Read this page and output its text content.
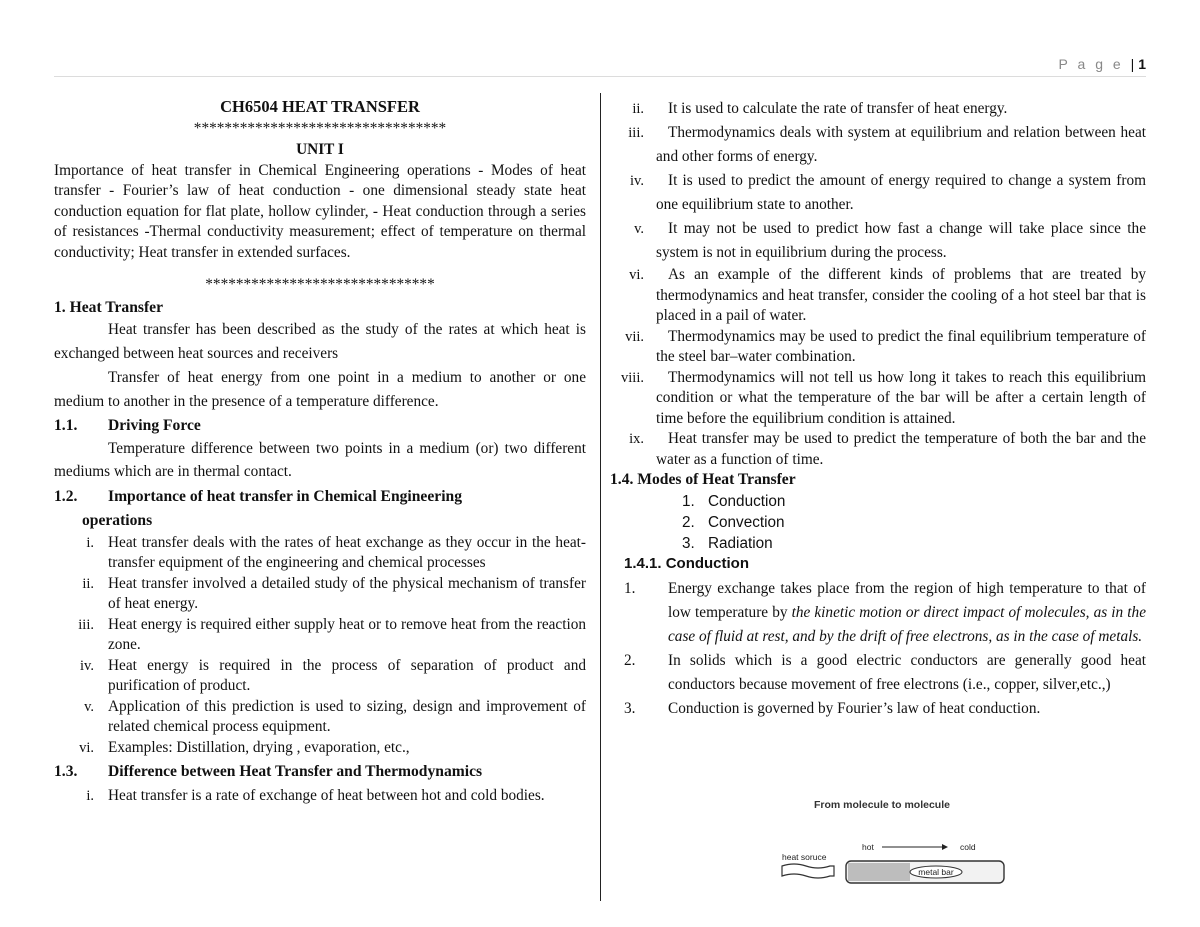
P a g e | 1

CH6504 HEAT TRANSFER

*********************************

UNIT I

Importance of heat transfer in Chemical Engineering operations - Modes of heat transfer - Fourier’s law of heat conduction - one dimensional steady state heat conduction equation for flat plate, hollow cylinder, - Heat conduction through a series of resistances -Thermal conductivity measurement; effect of temperature on thermal conductivity; Heat transfer in extended surfaces.

******************************

1. Heat Transfer

Heat transfer has been described as the study of the rates at which heat is exchanged between heat sources and receivers

Transfer of heat energy from one point in a medium to another or one medium to another in the presence of a temperature difference.

1.1.	Driving Force

Temperature difference between two points in a medium (or) two different mediums which are in thermal contact.

1.2.	Importance of heat transfer in Chemical Engineering

operations

i. Heat transfer deals with the rates of heat exchange as they occur in the heat-transfer equipment of the engineering and chemical processes
ii. Heat transfer involved a detailed study of the physical mechanism of transfer of heat energy.
iii. Heat energy is required either supply heat or to remove heat from the reaction zone.
iv. Heat energy is required in the process of separation of product and purification of product.
v. Application of this prediction is used to sizing, design and improvement of related chemical process equipment.
vi. Examples: Distillation, drying , evaporation, etc.,
1.3.	Difference between Heat Transfer and Thermodynamics
i. Heat transfer is a rate of exchange of heat between hot and cold bodies.
ii.	It is used to calculate the rate of transfer of heat energy.
iii.	Thermodynamics deals with system at equilibrium and relation between heat and other forms of energy.
iv.	It is used to predict the amount of energy required to change a system from one equilibrium state to another.
v.	It may not be used to predict how fast a change will take place since the system is not in equilibrium during the process.
vi.	As an example of the different kinds of problems that are treated by thermodynamics and heat transfer, consider the cooling of a hot steel bar that is placed in a pail of water.
vii.	Thermodynamics may be used to predict the final equilibrium temperature of the steel bar–water combination.
viii.	Thermodynamics will not tell us how long it takes to reach this equilibrium condition or what the temperature of the bar will be after a certain length of time before the equilibrium condition is attained.
ix.	Heat transfer may be used to predict the temperature of both the bar and the water as a function of time.

1.4. Modes of Heat Transfer

1. Conduction
2. Convection
3. Radiation

1.4.1. Conduction

1.	Energy exchange takes place from the region of high temperature to that of low temperature by the kinetic motion or direct impact of molecules, as in the case of fluid at rest, and by the drift of free electrons, as in the case of metals.
2.	In solids which is a good electric conductors are generally good heat conductors because movement of free electrons (i.e., copper, silver,etc.,)
3.	Conduction is governed by Fourier’s law of heat conduction.
From molecule to molecule
hot	cold
heat soruce
metal bar
